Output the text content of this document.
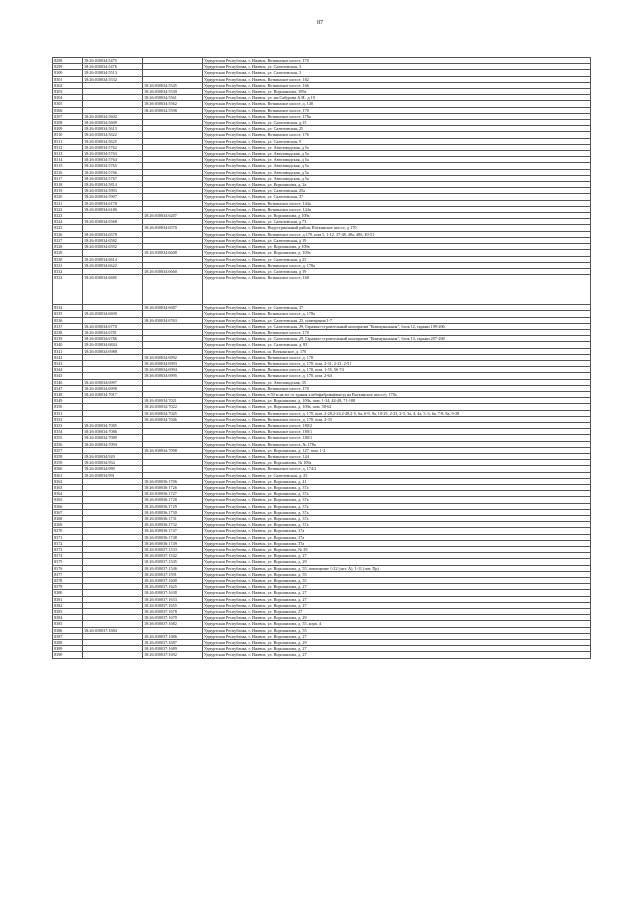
87
8298	18:26:030034:5475		Удмуртская Республика, г. Ижевск, Воткинское шоссе, 170
8299	18:26:030034:5476		Удмуртская Республика, г. Ижевск, ул. Салютовская, 3
8300	18:26:030034:5513		Удмуртская Республика, г. Ижевск, ул. Салютовская, 3
8301	18:26:030034:5532		Удмуртская Республика, г. Ижевск, Воткинское шоссе, 182
8302		18:26:030034:5545	Удмуртская Республика, г. Ижевск, Воткинское шоссе, 166
8303		18:26:030034:5549	Удмуртская Республика, г. Ижевск, ул. Ворошилова, 109а
8304		18:26:030034:5561	Удмуртская Республика, г. Ижевск, ул. им Сабурова А.Н., д 19
8305		18:26:030034:5562	Удмуртская Республика, г. Ижевск, Воткинское шоссе, д. 140
8306		18:26:030034:5598	Удмуртская Республика, г. Ижевск, Воткинское шоссе, 170
8307	18:26:030034:5602		Удмуртская Республика, г. Ижевск, Воткинское шоссе, 178а
8308	18:26:030034:5609		Удмуртская Республика, г. Ижевск, ул. Салютовская, д.15
8309	18:26:030034:5613		Удмуртская Республика, г. Ижевск, ул. Салютовская, 25
8310	18:26:030034:5622		Удмуртская Республика, г. Ижевск, Воткинское шоссе, 176
8311	18:26:030034:5625		Удмуртская Республика, г. Ижевск, ул. Салютовская, 9
8312	18:26:030034:5762		Удмуртская Республика, г. Ижевск, ул. Автозаводская, д 5а
8313	18:26:030034:5763		Удмуртская Республика, г. Ижевск, ул. Автозаводская, д 5а
8314	18:26:030034:5764		Удмуртская Республика, г. Ижевск, ул. Автозаводская, д 5а
8315	18:26:030034:5765		Удмуртская Республика, г. Ижевск, ул. Автозаводская, д 5а
8316	18:26:030034:5766		Удмуртская Республика, г. Ижевск, ул. Автозаводская, д 5а
8317	18:26:030034:5767		Удмуртская Республика, г. Ижевск, ул. Автозаводская, д 5а
8318	18:26:030034:5814		Удмуртская Республика, г. Ижевск, ул. Ворошилова, д. 2а
8319	18:26:030034:5903		Удмуртская Республика, г. Ижевск, ул. Салютовская, 25а
8320	18:26:030034:5907		Удмуртская Республика, г. Ижевск, ул. Салютовская, 37
8321	18:26:030034:6178		Удмуртская Республика, г. Ижевск, Воткинское шоссе, 144а
8322	18:26:030034:6186		Удмуртская Республика, г. Ижевск, Воткинское шоссе, 144а
8323		18:26:030034:6207	Удмуртская Республика, г. Ижевск, ул. Ворошилова, д 109а
8324	18:26:030034:6568		Удмуртская Республика, г. Ижевск, ул. Салютовская, д 73
8325		18:26:030034:6570	Удмуртская Республика, г. Ижевск, Индустриальный район, Воткинское шоссе, д 170
8326	18:26:030034:6578		Удмуртская Республика, г. Ижевск, Воткинское шоссе, д 170, пом 1, 1-12, 37-48, 48а, 48б, 49-51
8327	18:26:030034:6582		Удмуртская Республика, г. Ижевск, ул. Салютовская, д 19
8328	18:26:030034:6592		Удмуртская Республика, г. Ижевск, ул. Ворошилова, д 109а
8329		18:26:030034:6608	Удмуртская Республика, г. Ижевск, ул. Ворошилова, д. 109а
8330	18:26:030034:6614		Удмуртская Республика, г. Ижевск, ул. Салютовская, д 25
8331	18:26:030034:6622		Удмуртская Республика, г. Ижевск, Воткинское шоссе, д. 178а
8332		18:26:030034:6660	Удмуртская Республика, г. Ижевск, ул. Салютовская, д 19
8333	18:26:030034:6685		Удмуртская Республика, г. Ижевск, Воткинское шоссе, 168
8334		18:26:030034:6687	Удмуртская Республика, г. Ижевск, ул. Салютовская, 37
8335	18:26:030034:6690		Удмуртская Республика, г. Ижевск, Воткинское шоссе, д. 178а
8336		18:26:030034:6763	Удмуртская Республика, г. Ижевск, ул. Салютовская, 25, помещения 1-7
8337	18:26:030034:6770		Удмуртская Республика, г. Ижевск, ул. Салютовская, 29, Гаражно-строительный кооператив "Коммунальник", блок 12, гаражи 199-206
8338	18:26:030034:6781		Удмуртская Республика, г. Ижевск, Воткинское шоссе, 170
8339	18:26:030034:6786		Удмуртская Республика, г. Ижевск, ул. Салютовская, 29, Гаражно-строительный кооператив "Коммунальник", блок 13, гаражи 207-208
8340	18:26:030034:6844		Удмуртская Республика, г. Ижевск, ул. Салютовская, д. 83
8341	18:26:030034:6988		Удмуртская Республика, г. Ижевск, ш. Воткинское, д. 170
8342		18:26:030034:6992	Удмуртская Республика, г. Ижевск, Воткинское шоссе, д. 170
8343		18:26:030034:6993	Удмуртская Республика, г. Ижевск, Воткинское шоссе, д. 170, пом. 2-31, 2-21, 2-51
8344		18:26:030034:6994	Удмуртская Республика, г. Ижевск, Воткинское шоссе, д. 170, пом. 1-55, 56-74
8345		18:26:030034:6995	Удмуртская Республика, г. Ижевск, Воткинское шоссе, д. 170, пом. 2-64
8346	18:26:030034:6997		Удмуртская Республика, г. Ижевск, ул. Автозаводская, 35
8347	18:26:030034:6998		Удмуртская Республика, г. Ижевск, Воткинское шоссе, 170
8348	18:26:030034:7017		Удмуртская Республика, г. Ижевск, в 50 м на юг от здания хлебофабрики(выезд на Воткинское шоссе), 178а
8349		18:26:030034:7021	Удмуртская Республика, г. Ижевск, ул. Ворошилова, д. 109а, пом. 1-34, 44-48, 71-108
8350		18:26:030034:7022	Удмуртская Республика, г. Ижевск, ул. Ворошилова, д. 109а, пом. 58-62
8351		18:26:030034:7045	Удмуртская Республика, г. Ижевск, Воткинское шоссе, д. 170, пом. 2-28,2-24,2-28,2-5, 6а, 6-9, 9а, 10-25, 2-23, 2-3, 3а, 4, 4а, 5, 6, 6а, 7-8, 8а, 9-28
8352		18:26:030034:7046	Удмуртская Республика, г. Ижевск, Воткинское шоссе, д. 170, пом. 2-33
8353	18:26:030034:7085		Удмуртская Республика, г. Ижевск, Воткинское шоссе, 180/2
8354	18:26:030034:7086		Удмуртская Республика, г. Ижевск, Воткинское шоссе, 180/1
8355	18:26:030034:7089		Удмуртская Республика, г. Ижевск, Воткинское шоссе, 180/1
8356	18:26:030034:7094		Удмуртская Республика, г. Ижевск, Воткинское шоссе, № 178а
8357		18:26:030034:7098	Удмуртская Республика, г. Ижевск, ул. Ворошилова, д. 127, пом. 1-2
8358	18:26:030034:920		Удмуртская Республика, г. Ижевск, Воткинское шоссе, 144
8359	18:26:030034:934		Удмуртская Республика, г. Ижевск, ул. Ворошилова, № 109а
8360	18:26:030034:989		Удмуртская Республика, г. Ижевск, Воткинское шоссе, д. 174/2
8361	18:26:030034:991		Удмуртская Республика, г. Ижевск, ул. Салютовская, д. 25
8362		18:26:030036:1706	Удмуртская Республика, г. Ижевск, ул. Ворошилова, д. 41
8363		18:26:030036:1726	Удмуртская Республика, г. Ижевск, ул. Ворошилова, д. 37а
8364		18:26:030036:1727	Удмуртская Республика, г. Ижевск, ул. Ворошилова, д. 37а
8365		18:26:030036:1728	Удмуртская Республика, г. Ижевск, ул. Ворошилова, д. 37а
8366		18:26:030036:1729	Удмуртская Республика, г. Ижевск, ул. Ворошилова, д. 37а
8367		18:26:030036:1730	Удмуртская Республика, г. Ижевск, ул. Ворошилова, д. 37а
8368		18:26:030036:1731	Удмуртская Республика, г. Ижевск, ул. Ворошилова, д. 37а
8369		18:26:030036:1732	Удмуртская Республика, г. Ижевск, ул. Ворошилова, д. 37а
8370		18:26:030036:1747	Удмуртская Республика, г. Ижевск, ул. Ворошилова, 37а
8371		18:26:030036:1748	Удмуртская Республика, г. Ижевск, ул. Ворошилова, 37а
8372		18:26:030036:1749	Удмуртская Республика, г. Ижевск, ул. Ворошилова, 37а
8373		18:26:030037:1533	Удмуртская Республика, г. Ижевск, ул. Ворошилова, № 29
8374		18:26:030037:1542	Удмуртская Республика, г. Ижевск, ул. Ворошилова, д. 27
8375		18:26:030037:1545	Удмуртская Республика, г. Ижевск, ул. Ворошилова, д. 29
8376		18:26:030037:1546	Удмуртская Республика, г. Ижевск, ул. Ворошилова, д. 55, помещение 1-22 (лит. А), 1-11 (лит. Пр)
8377		18:26:030037:1591	Удмуртская Республика, г. Ижевск, ул. Ворошилова, д. 55
8378		18:26:030037:1600	Удмуртская Республика, г. Ижевск, ул. Ворошилова, д. 55
8379		18:26:030037:1625	Удмуртская Республика, г. Ижевск, ул. Ворошилова, д. 27
8380		18:26:030037:1630	Удмуртская Республика, г. Ижевск, ул. Ворошилова, д. 27
8381		18:26:030037:1633	Удмуртская Республика, г. Ижевск, ул. Ворошилова, д. 27
8382		18:26:030037:1655	Удмуртская Республика, г. Ижевск, ул. Ворошилова, д. 27
8383		18:26:030037:1678	Удмуртская Республика, г. Ижевск, ул. Ворошилова, 27
8384		18:26:030037:1679	Удмуртская Республика, г. Ижевск, ул. Ворошилова, д. 29
8385		18:26:030037:1682	Удмуртская Республика, г. Ижевск, ул. Ворошилова, д. 55, корп. 4
8386	18:26:030037:1684		Удмуртская Республика, г. Ижевск, ул. Ворошилова, д. 55
8387		18:26:030037:1686	Удмуртская Республика, г. Ижевск, ул. Ворошилова, д. 27
8388		18:26:030037:1687	Удмуртская Республика, г. Ижевск, ул. Ворошилова, д. 29
8389		18:26:030037:1689	Удмуртская Республика, г. Ижевск, ул. Ворошилова, д. 27
8390		18:26:030037:1692	Удмуртская Республика, г. Ижевск, ул. Ворошилова, д. 27
